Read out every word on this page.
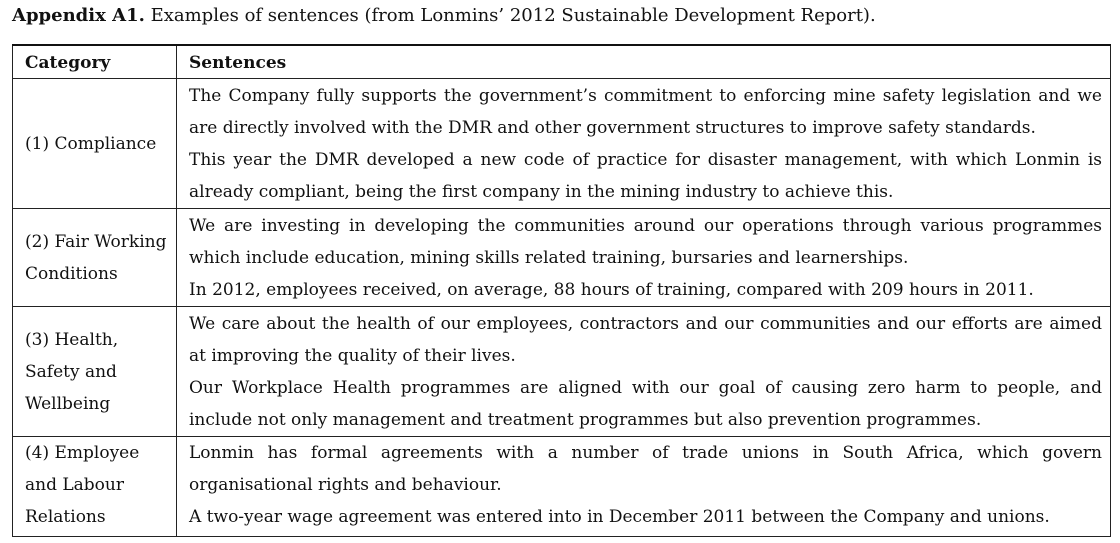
Appendix A1. Examples of sentences (from Lonmins’ 2012 Sustainable Development Report).
Category	Sentences
(1) Compliance	The Company fully supports the government’s commitment to enforcing mine safety legislation and we are directly involved with the DMR and other government structures to improve safety standards.

This year the DMR developed a new code of practice for disaster management, with which Lonmin is already compliant, being the first company in the mining industry to achieve this.

(2) Fair Working Conditions	We are investing in developing the communities around our operations through various programmes which include education, mining skills related training, bursaries and learnerships.

In 2012, employees received, on average, 88 hours of training, compared with 209 hours in 2011.

(3) Health, Safety and Wellbeing	We care about the health of our employees, contractors and our communities and our efforts are aimed at improving the quality of their lives.

Our Workplace Health programmes are aligned with our goal of causing zero harm to people, and include not only management and treatment programmes but also prevention programmes.

(4) Employee and Labour Relations	Lonmin has formal agreements with a number of trade unions in South Africa, which govern organisational rights and behaviour.

A two-year wage agreement was entered into in December 2011 between the Company and unions.
